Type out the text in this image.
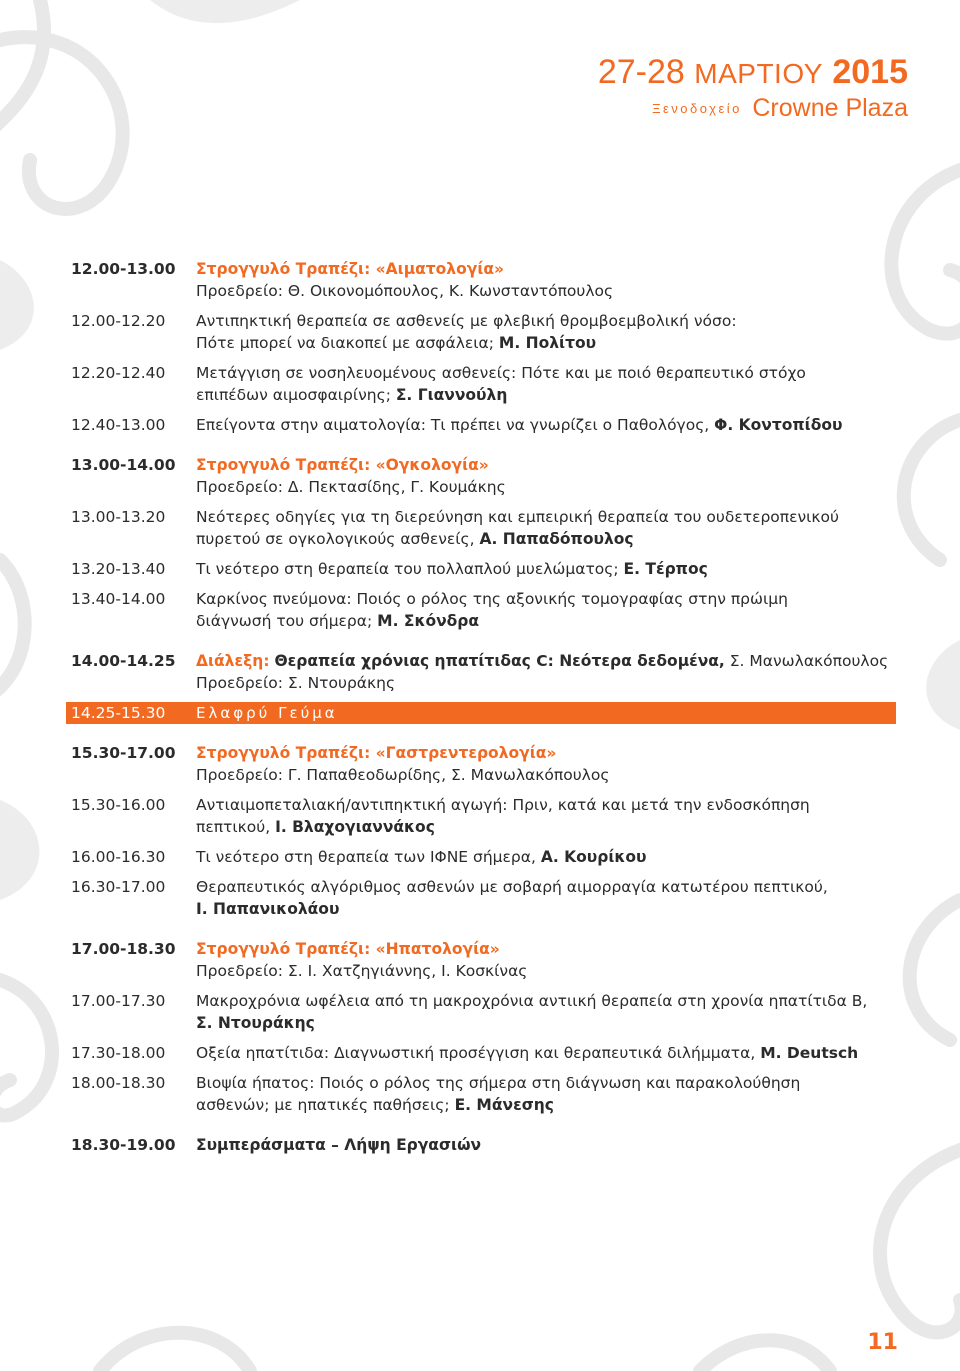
27-28 ΜΑΡΤΙΟΥ 2015
Ξενοδοχείο Crowne Plaza
12.00-13.00	Στρογγυλό Τραπέζι: «Αιματολογία»
Προεδρείο: Θ. Οικονομόπουλος, Κ. Κωνσταντόπουλος
12.00-12.20	Αντιπηκτική θεραπεία σε ασθενείς με φλεβική θρομβοεμβολική νόσο:
Πότε μπορεί να διακοπεί με ασφάλεια; Μ. Πολίτου
12.20-12.40	Μετάγγιση σε νοσηλευομένους ασθενείς: Πότε και με ποιό θεραπευτικό στόχο
επιπέδων αιμοσφαιρίνης; Σ. Γιαννούλη
12.40-13.00	Επείγοντα στην αιματολογία: Τι πρέπει να γνωρίζει ο Παθολόγος, Φ. Κοντοπίδου
13.00-14.00	Στρογγυλό Τραπέζι: «Ογκολογία»
Προεδρείο: Δ. Πεκτασίδης, Γ. Κουμάκης
13.00-13.20	Νεότερες οδηγίες για τη διερεύνηση και εμπειρική θεραπεία του ουδετεροπενικού
πυρετού σε ογκολογικούς ασθενείς, Α. Παπαδόπουλος
13.20-13.40	Τι νεότερο στη θεραπεία του πολλαπλού μυελώματος; Ε. Τέρπος
13.40-14.00	Καρκίνος πνεύμονα: Ποιός ο ρόλος της αξονικής τομογραφίας στην πρώιμη
διάγνωσή του σήμερα; Μ. Σκόνδρα
14.00-14.25	Διάλεξη: Θεραπεία χρόνιας ηπατίτιδας C: Νεότερα δεδομένα, Σ. Μανωλακόπουλος
Προεδρείο: Σ. Ντουράκης
14.25-15.30	Ελαφρύ Γεύμα
15.30-17.00	Στρογγυλό Τραπέζι: «Γαστρεντερολογία»
Προεδρείο: Γ. Παπαθεοδωρίδης, Σ. Μανωλακόπουλος
15.30-16.00	Αντιαιμοπεταλιακή/αντιπηκτική αγωγή: Πριν, κατά και μετά την ενδοσκόπηση
πεπτικού, Ι. Βλαχογιαννάκος
16.00-16.30	Τι νεότερο στη θεραπεία των ΙΦΝΕ σήμερα, Α. Κουρίκου
16.30-17.00	Θεραπευτικός αλγόριθμος ασθενών με σοβαρή αιμορραγία κατωτέρου πεπτικού,
Ι. Παπανικολάου
17.00-18.30	Στρογγυλό Τραπέζι: «Ηπατολογία»
Προεδρείο: Σ. Ι. Χατζηγιάννης, Ι. Κοσκίνας
17.00-17.30	Μακροχρόνια ωφέλεια από τη μακροχρόνια αντιική θεραπεία στη χρονία ηπατίτιδα Β,
Σ. Ντουράκης
17.30-18.00	Οξεία ηπατίτιδα: Διαγνωστική προσέγγιση και θεραπευτικά διλήμματα, M. Deutsch
18.00-18.30	Βιοψία ήπατος: Ποιός ο ρόλος της σήμερα στη διάγνωση και παρακολούθηση
ασθενών; με ηπατικές παθήσεις; Ε. Μάνεσης
18.30-19.00	Συμπεράσματα – Λήψη Εργασιών
11
